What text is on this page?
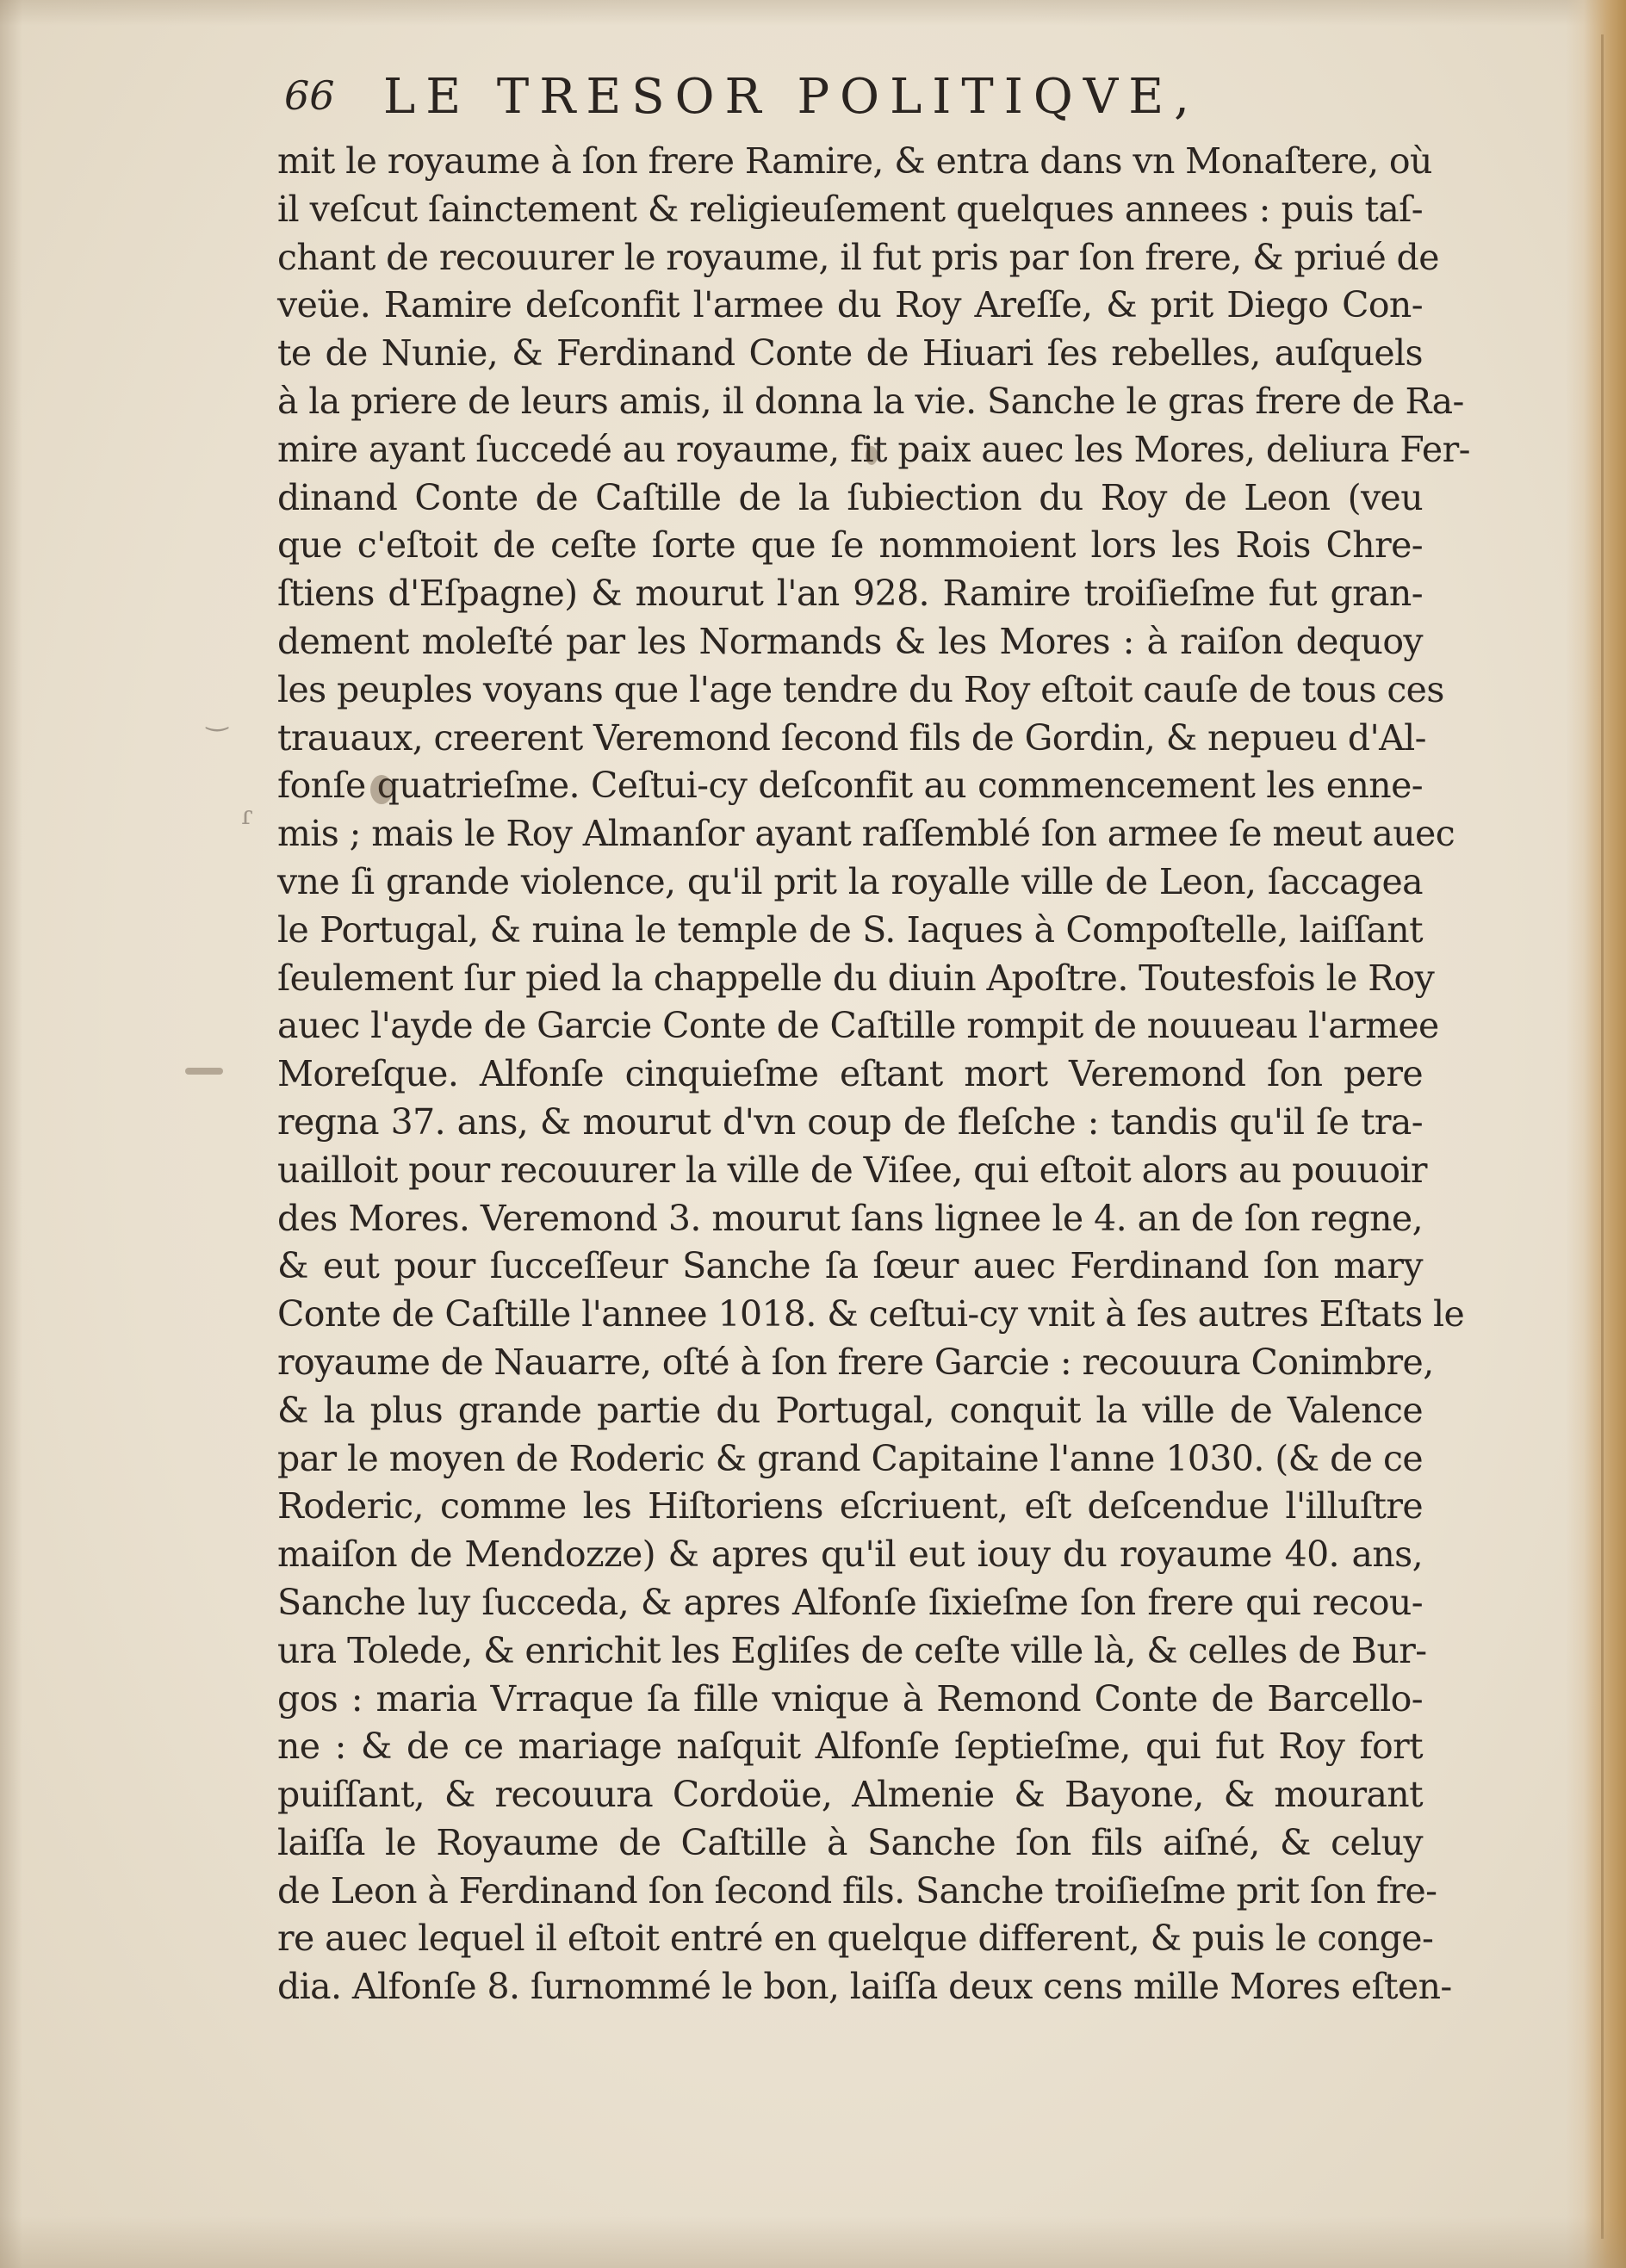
66 LE TRESOR POLITIQVE,
mit le royaume à ſon frere Ramire, & entra dans vn Monaſtere, où
il veſcut ſainctement & religieuſement quelques annees : puis taſ-
chant de recouurer le royaume, il fut pris par ſon frere, & priué de
veüe. Ramire deſconfit l'armee du Roy Areſſe, & prit Diego Con-
te de Nunie, & Ferdinand Conte de Hiuari ſes rebelles, auſquels
à la priere de leurs amis, il donna la vie. Sanche le gras frere de Ra-
mire ayant ſuccedé au royaume, fit paix auec les Mores, deliura Fer-
dinand Conte de Caſtille de la ſubiection du Roy de Leon (veu
que c'eſtoit de ceſte ſorte que ſe nommoient lors les Rois Chre-
ſtiens d'Eſpagne) & mourut l'an 928. Ramire troiſieſme fut gran-
dement moleſté par les Normands & les Mores : à raiſon dequoy
les peuples voyans que l'age tendre du Roy eſtoit cauſe de tous ces
trauaux, creerent Veremond ſecond fils de Gordin, & nepueu d'Al-
fonſe quatrieſme. Ceſtui-cy deſconfit au commencement les enne-
mis ; mais le Roy Almanſor ayant raſſemblé ſon armee ſe meut auec
vne ſi grande violence, qu'il prit la royalle ville de Leon, ſaccagea
le Portugal, & ruina le temple de S. Iaques à Compoſtelle, laiſſant
ſeulement ſur pied la chappelle du diuin Apoſtre. Toutesfois le Roy
auec l'ayde de Garcie Conte de Caſtille rompit de nouueau l'armee
Moreſque. Alfonſe cinquieſme eſtant mort Veremond ſon pere
regna 37. ans, & mourut d'vn coup de fleſche : tandis qu'il ſe tra-
uailloit pour recouurer la ville de Viſee, qui eſtoit alors au pouuoir
des Mores. Veremond 3. mourut ſans lignee le 4. an de ſon regne,
& eut pour ſucceſſeur Sanche ſa ſœur auec Ferdinand ſon mary
Conte de Caſtille l'annee 1018. & ceſtui-cy vnit à ſes autres Eſtats le
royaume de Nauarre, oſté à ſon frere Garcie : recouura Conimbre,
& la plus grande partie du Portugal, conquit la ville de Valence
par le moyen de Roderic & grand Capitaine l'anne 1030. (& de ce
Roderic, comme les Hiſtoriens eſcriuent, eſt deſcendue l'illuſtre
maiſon de Mendozze) & apres qu'il eut iouy du royaume 40. ans,
Sanche luy ſucceda, & apres Alfonſe ſixieſme ſon frere qui recou-
ura Tolede, & enrichit les Egliſes de ceſte ville là, & celles de Bur-
gos : maria Vrraque ſa fille vnique à Remond Conte de Barcello-
ne : & de ce mariage naſquit Alfonſe ſeptieſme, qui fut Roy fort
puiſſant, & recouura Cordoüe, Almenie & Bayone, & mourant
laiſſa le Royaume de Caſtille à Sanche ſon fils aiſné, & celuy
de Leon à Ferdinand ſon ſecond fils. Sanche troiſieſme prit ſon fre-
re auec lequel il eſtoit entré en quelque different, & puis le conge-
dia. Alfonſe 8. ſurnommé le bon, laiſſa deux cens mille Mores eſten-
ɾ
‿
